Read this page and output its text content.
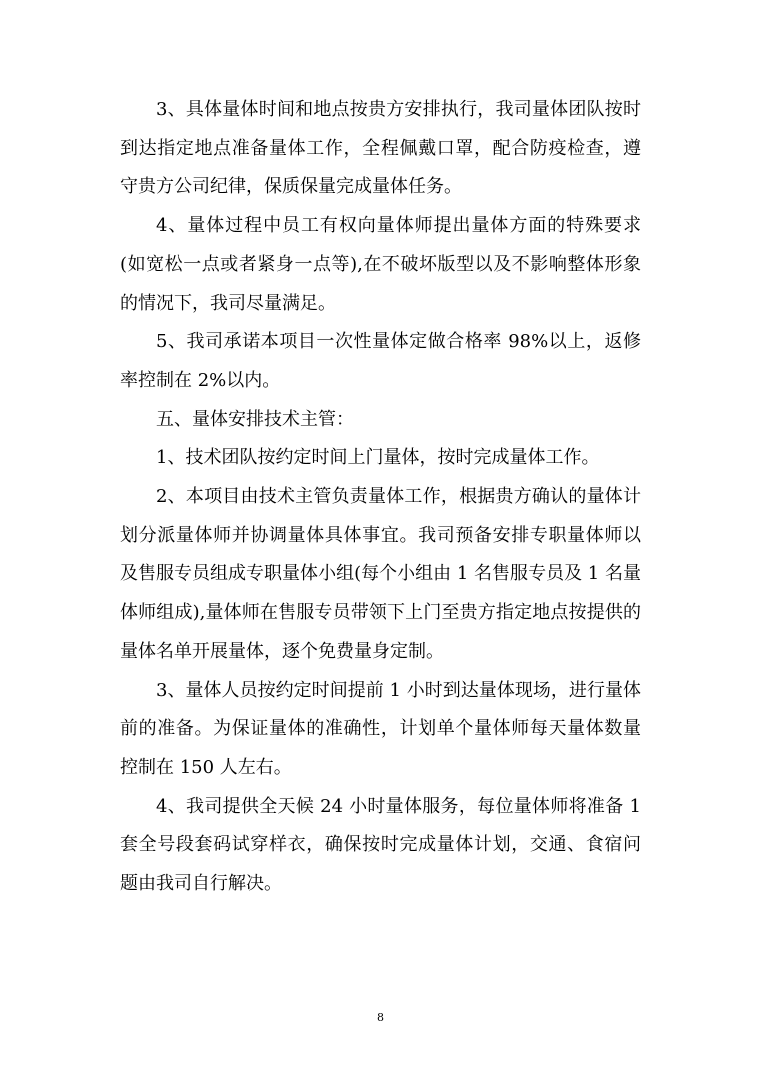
3、具体量体时间和地点按贵方安排执行，我司量体团队按时到达指定地点准备量体工作，全程佩戴口罩，配合防疫检查，遵守贵方公司纪律，保质保量完成量体任务。

4、量体过程中员工有权向量体师提出量体方面的特殊要求(如宽松一点或者紧身一点等),在不破坏版型以及不影响整体形象的情况下，我司尽量满足。

5、我司承诺本项目一次性量体定做合格率 98%以上，返修率控制在 2%以内。

五、量体安排技术主管：

1、技术团队按约定时间上门量体，按时完成量体工作。

2、本项目由技术主管负责量体工作，根据贵方确认的量体计划分派量体师并协调量体具体事宜。我司预备安排专职量体师以及售服专员组成专职量体小组(每个小组由 1 名售服专员及 1 名量体师组成),量体师在售服专员带领下上门至贵方指定地点按提供的量体名单开展量体，逐个免费量身定制。

3、量体人员按约定时间提前 1 小时到达量体现场，进行量体前的准备。为保证量体的准确性，计划单个量体师每天量体数量控制在 150 人左右。

4、我司提供全天候 24 小时量体服务，每位量体师将准备 1 套全号段套码试穿样衣，确保按时完成量体计划，交通、食宿问题由我司自行解决。

8
